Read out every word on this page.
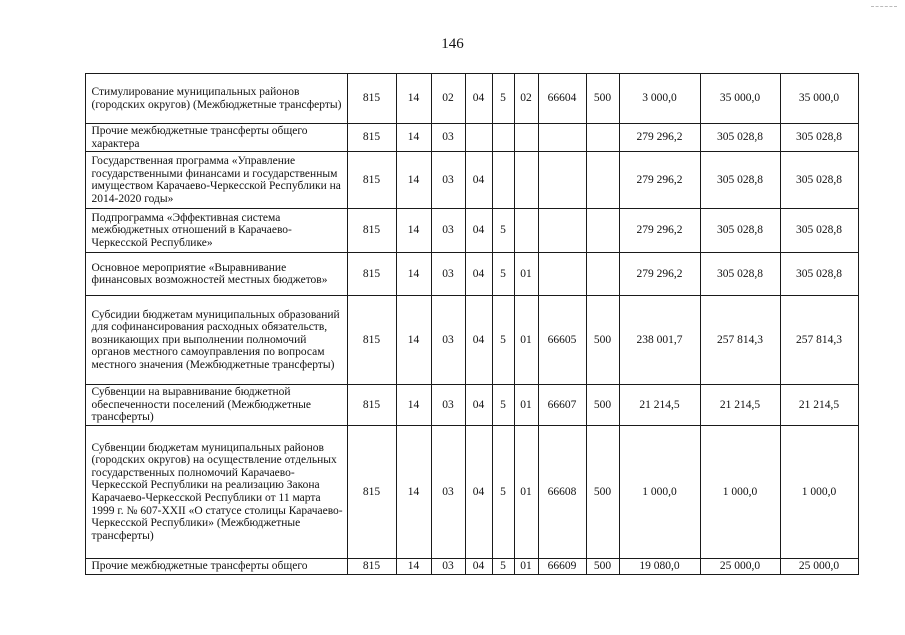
146
	Стимулирование муниципальных районов (городских округов) (Межбюджетные трансферты)	815	14	02	04	5	02	66604	500	3 000,0	35 000,0	35 000,0
	Прочие межбюджетные трансферты общего характера	815	14	03						279 296,2	305 028,8	305 028,8
	Государственная программа «Управление государственными финансами и государственным имуществом Карачаево-Черкесской Республики на 2014-2020 годы»	815	14	03	04					279 296,2	305 028,8	305 028,8
	Подпрограмма «Эффективная система межбюджетных отношений в Карачаево-Черкесской Республике»	815	14	03	04	5				279 296,2	305 028,8	305 028,8
	Основное мероприятие «Выравнивание финансовых возможностей местных бюджетов»	815	14	03	04	5	01			279 296,2	305 028,8	305 028,8
	Субсидии бюджетам муниципальных образований для софинансирования расходных обязательств, возникающих при выполнении полномочий органов местного самоуправления по вопросам местного значения (Межбюджетные трансферты)	815	14	03	04	5	01	66605	500	238 001,7	257 814,3	257 814,3
	Субвенции на выравнивание бюджетной обеспеченности поселений (Межбюджетные трансферты)	815	14	03	04	5	01	66607	500	21 214,5	21 214,5	21 214,5
	Субвенции бюджетам муниципальных районов (городских округов) на осуществление отдельных государственных полномочий Карачаево-Черкесской Республики на реализацию Закона Карачаево-Черкесской Республики от 11 марта 1999 г. № 607-XXII «О статусе столицы Карачаево-Черкесской Республики» (Межбюджетные трансферты)	815	14	03	04	5	01	66608	500	1 000,0	1 000,0	1 000,0
	Прочие межбюджетные трансферты общего	815	14	03	04	5	01	66609	500	19 080,0	25 000,0	25 000,0
